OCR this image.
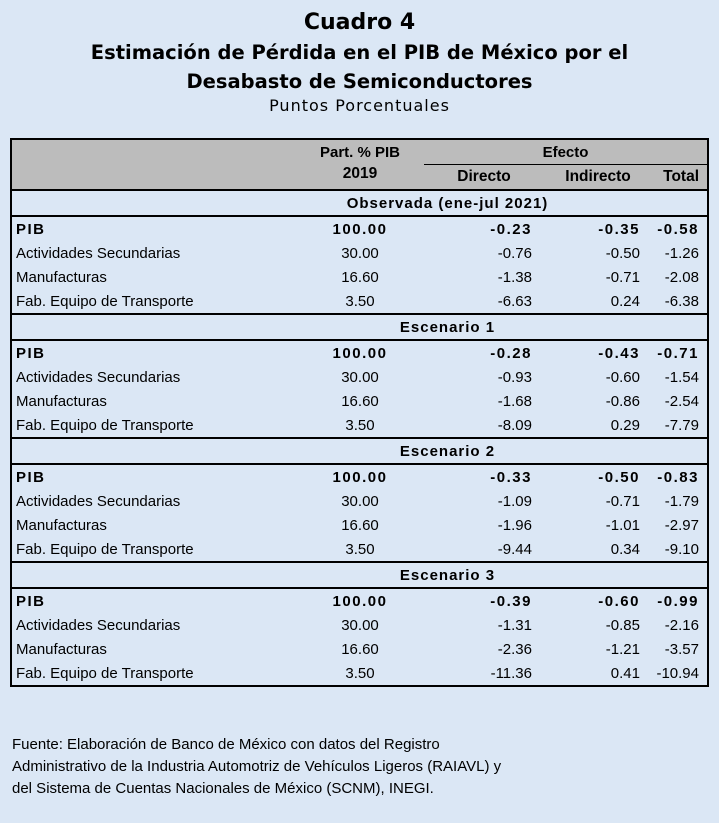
Cuadro 4
Estimación de Pérdida en el PIB de México por el
Desabasto de Semiconductores
Puntos Porcentuales
	Part. % PIB	Efecto		
	2019	Directo	Indirecto	Total
Observada (ene-jul 2021)				
PIB	100.00	-0.23	-0.35	-0.58
Actividades Secundarias	30.00	-0.76	-0.50	-1.26
Manufacturas	16.60	-1.38	-0.71	-2.08
Fab. Equipo de Transporte	3.50	-6.63	0.24	-6.38
Escenario 1				
PIB	100.00	-0.28	-0.43	-0.71
Actividades Secundarias	30.00	-0.93	-0.60	-1.54
Manufacturas	16.60	-1.68	-0.86	-2.54
Fab. Equipo de Transporte	3.50	-8.09	0.29	-7.79
Escenario 2				
PIB	100.00	-0.33	-0.50	-0.83
Actividades Secundarias	30.00	-1.09	-0.71	-1.79
Manufacturas	16.60	-1.96	-1.01	-2.97
Fab. Equipo de Transporte	3.50	-9.44	0.34	-9.10
Escenario 3				
PIB	100.00	-0.39	-0.60	-0.99
Actividades Secundarias	30.00	-1.31	-0.85	-2.16
Manufacturas	16.60	-2.36	-1.21	-3.57
Fab. Equipo de Transporte	3.50	-11.36	0.41	-10.94
Fuente: Elaboración de Banco de México con datos del Registro
Administrativo de la Industria Automotriz de Vehículos Ligeros (RAIAVL) y
del Sistema de Cuentas Nacionales de México (SCNM), INEGI.
